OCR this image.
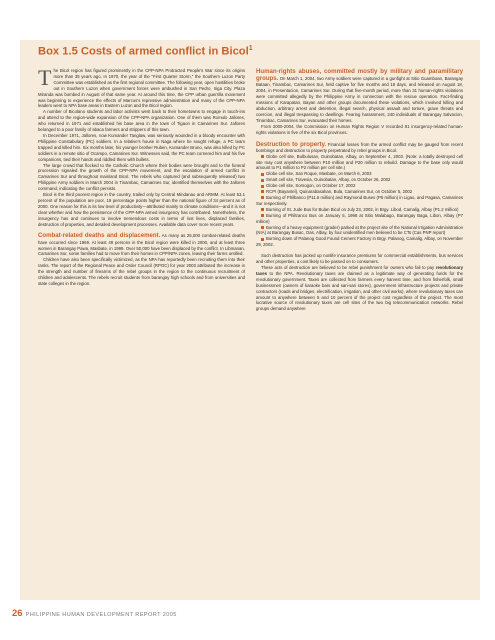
Box 1.5 Costs of armed conflict in Bicol$^1$

The Bicol region has figured prominently in the CPP-NPA Protracted People's War since its origins more than 35 years ago. In 1970, the year of the "First Quarter Storm," the Southern Luzon Party Committee was established as the first regional committee. The following year, open hostilities broke out in Southern Luzon when government forces were ambushed in San Pedro, Iriga City. Plaza Miranda was bombed in August of that same year. At around this time, the CPP urban guerrilla movement was beginning to experience the effects of Marcos's repressive administration and many of the CPP-NPA leaders went to NPA base areas in Eastern Luzon and the Bicol region.

A number of Bicolano students and labor activists went back to their hometowns to engage in touch-ins and attend to the region-wide expansion of the CPP-NPA organization. One of them was Romulo Jallores, who returned in 1971 and established his base area in the town of Tigaon in Camarines Sur. Jallores belonged to a poor family of abaca farmers and strippers of this town.

In December 1971, Jallores, now Kumander Tanglaw, was seriously wounded in a bloody encounter with Philippine Constabulary (PC) soldiers. In a relative's house in Naga where he sought refuge, a PC team trapped and killed him. Six months later, his younger brother Ruben, Kumander Bruno, was also killed by PC soldiers in a remote sitio of Ocampo, Camarines Sur. Witnesses said, the PC team cornered him and his five companions, tied their hands and riddled them with bullets.

The large crowd that flocked to the Catholic Church where their bodies were brought and to the funeral procession signaled the growth of the CPP-NPA movement, and the escalation of armed conflict in Camarines Sur and throughout mainland Bicol. The rebels who captured (and subsequently released) two Philippine Army soldiers in March 2004 in Tinambac, Camarines Sur, identified themselves with the Jallores command, indicating the conflict persists.

Bicol is the third poorest region in the country, trailed only by Central Mindanao and ARMM. At least 53.1 percent of the population are poor, 19 percentage points higher than the national figure of 34 percent as of 2000. One reason for this is its low level of productivity—attributed mainly to climate conditions—and it is not clear whether and how the persistence of the CPP-NPA armed insurgency has contributed. Nonetheless, the insurgency has and continues to involve tremendous costs in terms of lost lives, displaced families, destruction of properties, and derailed development processes. Available data cover more recent years.

Combat-related deaths and displacement. As many as 25,000 combat-related deaths have occurred since 1969. At least 49 persons in the Bicol region were killed in 2000, and at least three women in Barangay Pawa, Masbate, in 1999. Over 50,000 have been displaced by the conflict. In Libmanan, Camarines Sur, some families had to move from their homes in CPP/NPA zones, leaving their farms untilled.

Children have also been specifically victimized, as the NPA has reportedly been recruiting them into their ranks. The report of the Regional Peace and Order Council (RPOC) for year 2003 attributed the increase in the strength and number of firearms of the rebel groups in the region to the continuous recruitment of children and adolescents. The rebels recruit students from barangay high schools and from universities and state colleges in the region.

Human-rights abuses, committed mostly by military and paramilitary groups. On March 1, 2004, two Army soldiers were captured in a gunfight at Sitio Guamboan, Barangay Bataan, Tinambac, Camarines Sur, held captive for five months and 18 days, and released on August 18, 2004, in Presentacion, Camarines Sur. During that five-month period, more than 31 human-rights violations were committed allegedly by the Philippine Army in connection with the rescue operation. Fact-finding missions of Karapatan, Bayan and other groups documented these violations, which involved killing and abduction, arbitrary arrest and detention, illegal search, physical assault and torture, grave threats and coercion, and illegal trespassing to dwellings. Fearing harassment, 240 individuals of Barangay Salvacion, Tinambac, Camarines Sur, evacuated their homes.

From 2000-2004, the Commission on Human Rights Region V recorded 81 insurgency-related human-rights violations in five of the six Bicol provinces.

Destruction to property. Financial losses from the armed conflict may be gauged from recent bombings and destruction to property perpetrated by rebel groups in Bicol.

Globe cell site, Bulbulusan, Guinobatan, Albay, on September 4, 2003. (Note: a totally destroyed cell site may cost anywhere between P10 million and P20 million to rebuild. Damage to the base only would amount to P1 million to P2 million per cell site.)

Globe cell site, San Roque, Masbate, on March 6, 2003

Smart cell site, Travesia, Guinobatan, Albay, on October 26, 2002

Globe cell site, Sorsogon, on October 17, 2002

RCPI (Bayantel), Quinarabasahan, Bula, Camarines Sur, on October 5, 2002

Burning of Philbanco (P11.5 million) and Raymond Buses (P5 million) in Ligao, and Pagasa, Camarines Sur respectively.

Burning of St. Jude Bus for Bulan Bicol on July 23, 2002, in Brgy. Libod, Camalig, Albay (P1.2 million)

Burning of Philtranco Bus on January 5, 1998 at Sitio Malabago, Barangay Baga, Libon, Albay (P7 million)

Burning of a heavy equipment (grader) parked at the project site of the National Irrigation Administration (NIA) at Barangay Busac, Oas, Albay, by four unidentified men believed to be CTs (Cas PNP report)

Burning down of Palanog Good Found Cement Factory in Brgy. Palanog, Camalig, Albay, on November 29, 2002.

Such destruction has jacked up nonlife insurance premiums for commercial establishments, bus services and other properties, a cost likely to be passed on to consumers.

These acts of destruction are believed to be rebel punishment for owners who fail to pay revolutionary taxes to the NPA. Revolutionary taxes are claimed as a legitimate way of generating funds for the revolutionary government. Taxes are collected from farmers every harvest time, and from fisherfolk, small businessmen (owners of karaoke bars and sari-sari stores), government infrastructure projects and private contractors (roads and bridges, electrification, irrigation, and other civil works), where revolutionary taxes can amount to anywhere between 5 and 10 percent of the project cost regardless of the project. The most lucrative source of revolutionary taxes are cell sites of the two big telecommunication networks. Rebel groups demand anywhere

26 PHILIPPINE HUMAN DEVELOPMENT REPORT 2005
